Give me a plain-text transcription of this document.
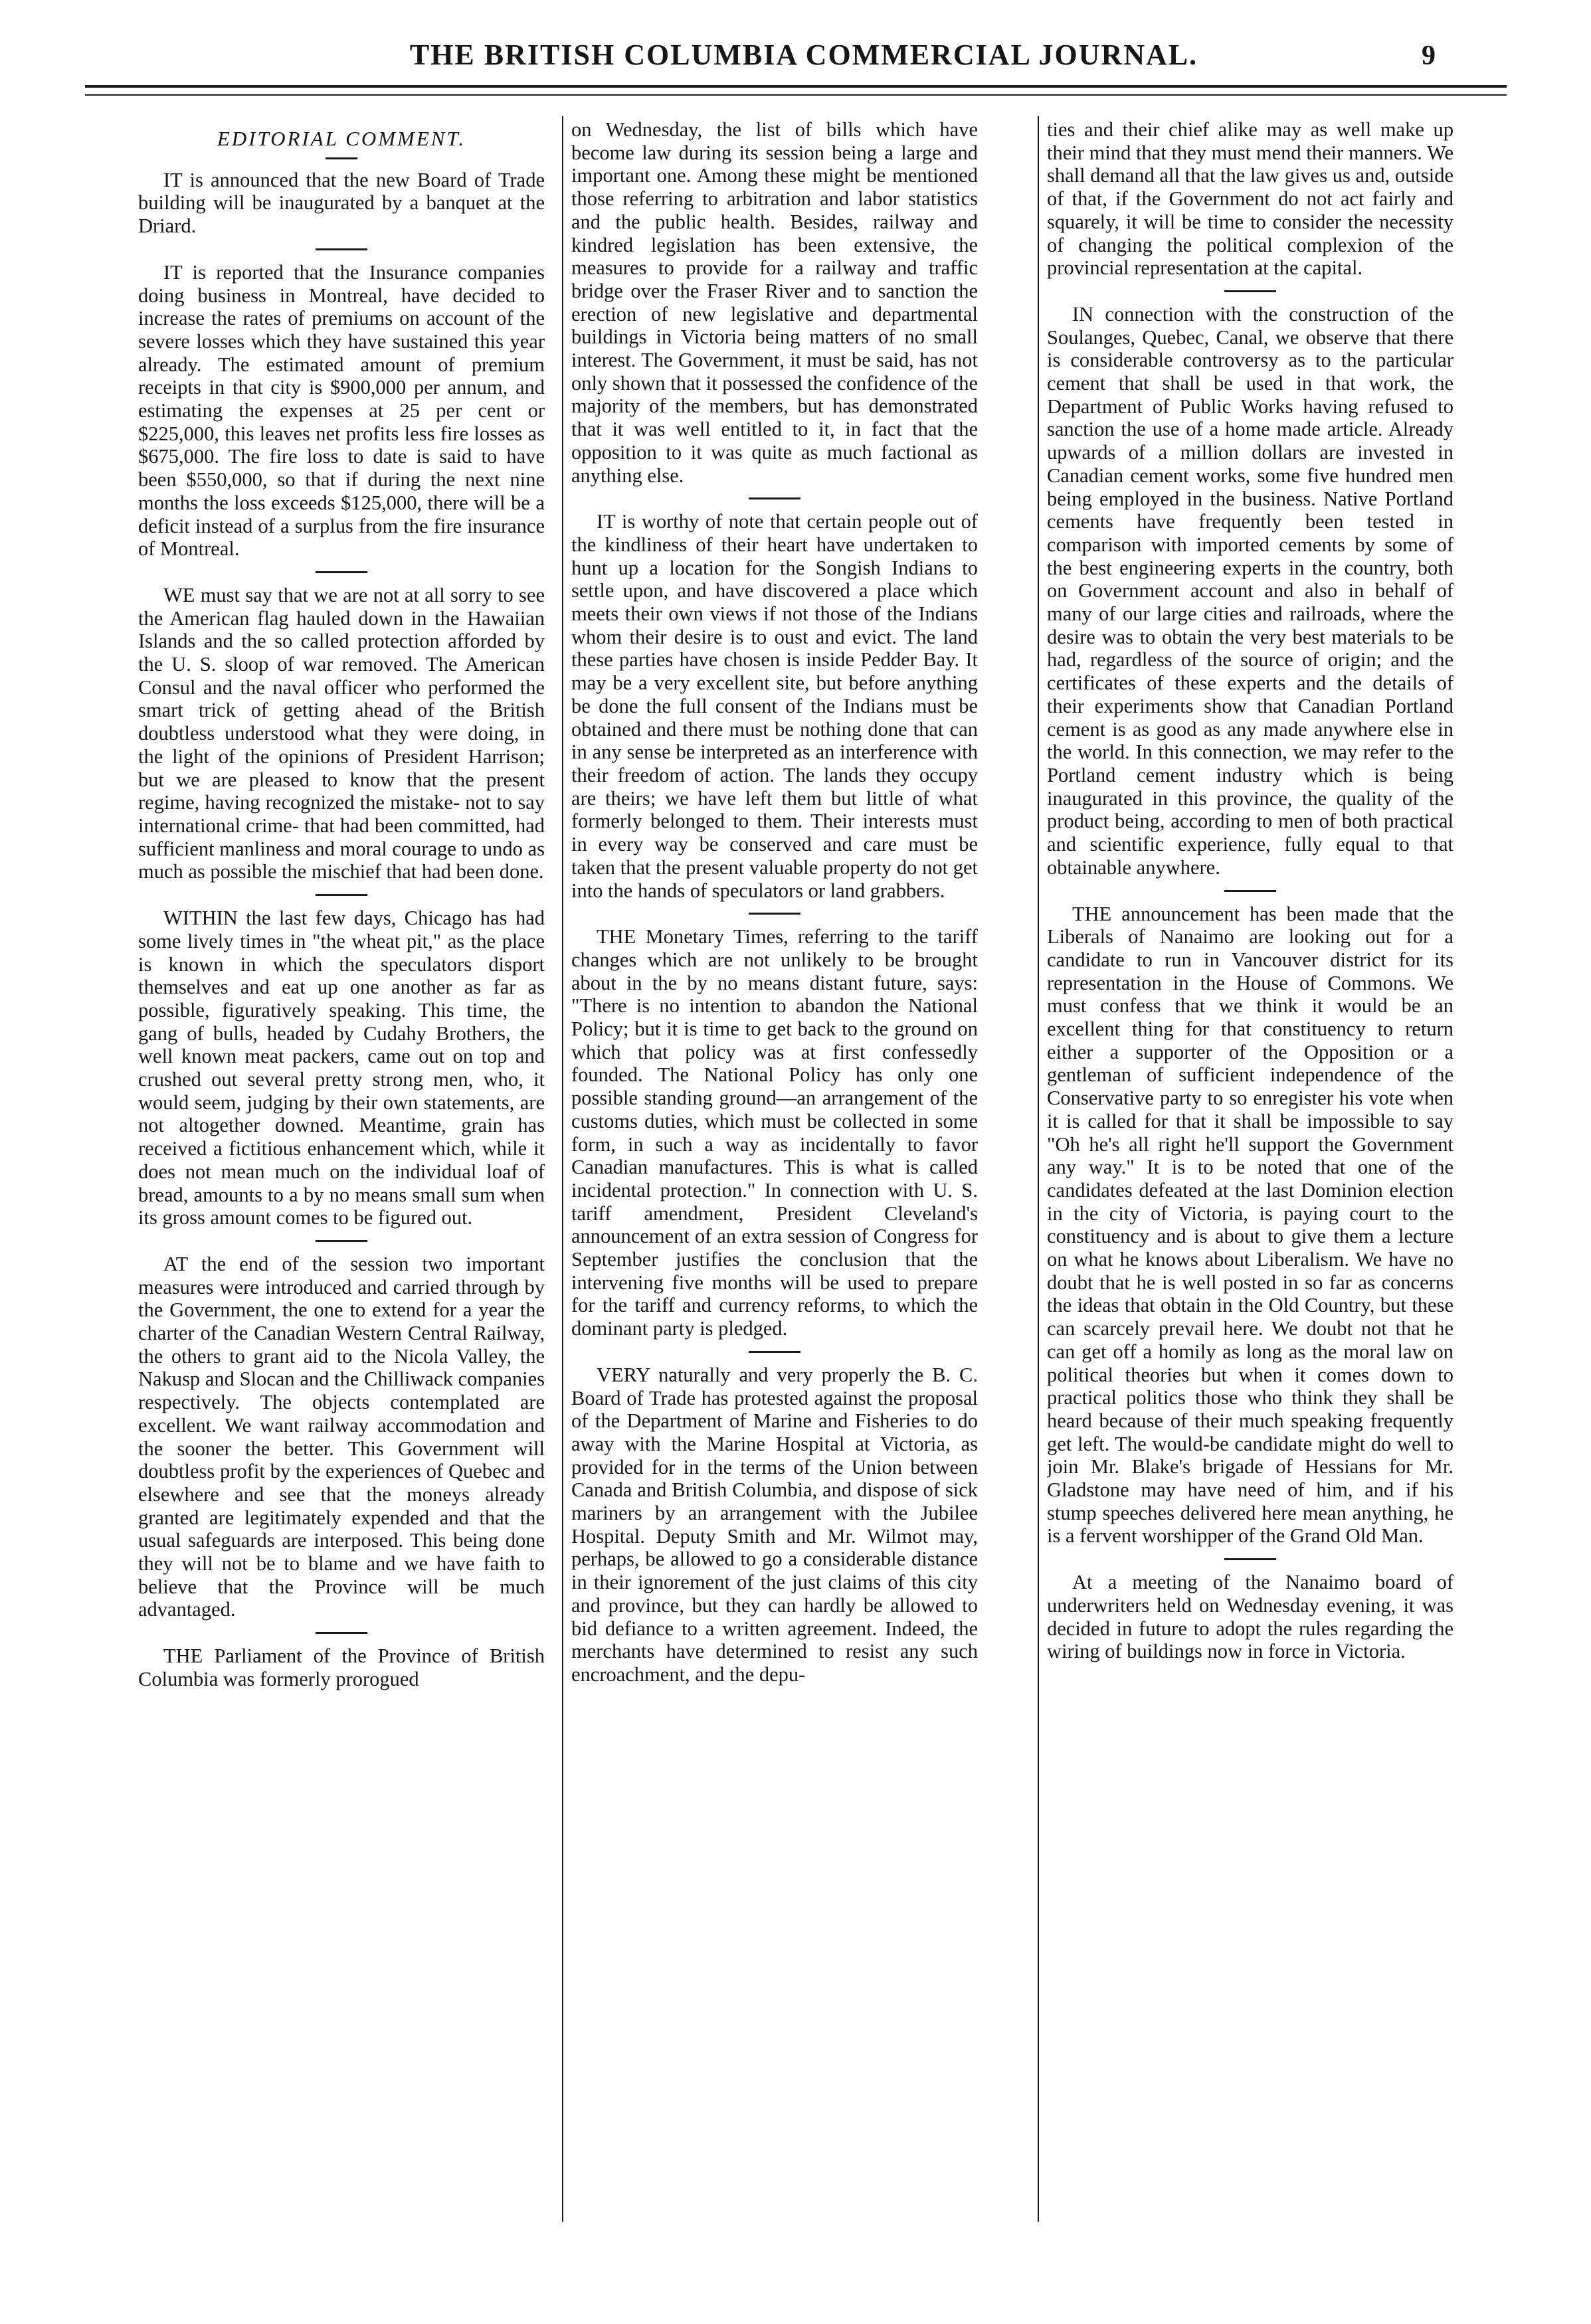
THE BRITISH COLUMBIA COMMERCIAL JOURNAL.	9
EDITORIAL COMMENT.

IT is announced that the new Board of Trade building will be inaugurated by a banquet at the Driard.

IT is reported that the Insurance companies doing business in Montreal, have decided to increase the rates of premiums on account of the severe losses which they have sustained this year already. The estimated amount of premium receipts in that city is $900,000 per annum, and estimating the expenses at 25 per cent or $225,000, this leaves net profits less fire losses as $675,000. The fire loss to date is said to have been $550,000, so that if during the next nine months the loss exceeds $125,000, there will be a deficit instead of a surplus from the fire insurance of Montreal.

WE must say that we are not at all sorry to see the American flag hauled down in the Hawaiian Islands and the so called protection afforded by the U. S. sloop of war removed. The American Consul and the naval officer who performed the smart trick of getting ahead of the British doubtless understood what they were doing, in the light of the opinions of President Harrison; but we are pleased to know that the present regime, having recognized the mistake- not to say international crime- that had been committed, had sufficient manliness and moral courage to undo as much as possible the mischief that had been done.

WITHIN the last few days, Chicago has had some lively times in "the wheat pit," as the place is known in which the speculators disport themselves and eat up one another as far as possible, figuratively speaking. This time, the gang of bulls, headed by Cudahy Brothers, the well known meat packers, came out on top and crushed out several pretty strong men, who, it would seem, judging by their own statements, are not altogether downed. Meantime, grain has received a fictitious enhancement which, while it does not mean much on the individual loaf of bread, amounts to a by no means small sum when its gross amount comes to be figured out.

AT the end of the session two important measures were introduced and carried through by the Government, the one to extend for a year the charter of the Canadian Western Central Railway, the others to grant aid to the Nicola Valley, the Nakusp and Slocan and the Chilliwack companies respectively. The objects contemplated are excellent. We want railway accommodation and the sooner the better. This Government will doubtless profit by the experiences of Quebec and elsewhere and see that the moneys already granted are legitimately expended and that the usual safeguards are interposed. This being done they will not be to blame and we have faith to believe that the Province will be much advantaged.

THE Parliament of the Province of British Columbia was formerly prorogued

on Wednesday, the list of bills which have become law during its session being a large and important one. Among these might be mentioned those referring to arbitration and labor statistics and the public health. Besides, railway and kindred legislation has been extensive, the measures to provide for a railway and traffic bridge over the Fraser River and to sanction the erection of new legislative and departmental buildings in Victoria being matters of no small interest. The Government, it must be said, has not only shown that it possessed the confidence of the majority of the members, but has demonstrated that it was well entitled to it, in fact that the opposition to it was quite as much factional as anything else.

IT is worthy of note that certain people out of the kindliness of their heart have undertaken to hunt up a location for the Songish Indians to settle upon, and have discovered a place which meets their own views if not those of the Indians whom their desire is to oust and evict. The land these parties have chosen is inside Pedder Bay. It may be a very excellent site, but before anything be done the full consent of the Indians must be obtained and there must be nothing done that can in any sense be interpreted as an interference with their freedom of action. The lands they occupy are theirs; we have left them but little of what formerly belonged to them. Their interests must in every way be conserved and care must be taken that the present valuable property do not get into the hands of speculators or land grabbers.

THE Monetary Times, referring to the tariff changes which are not unlikely to be brought about in the by no means distant future, says: "There is no intention to abandon the National Policy; but it is time to get back to the ground on which that policy was at first confessedly founded. The National Policy has only one possible standing ground—an arrangement of the customs duties, which must be collected in some form, in such a way as incidentally to favor Canadian manufactures. This is what is called incidental protection." In connection with U. S. tariff amendment, President Cleveland's announcement of an extra session of Congress for September justifies the conclusion that the intervening five months will be used to prepare for the tariff and currency reforms, to which the dominant party is pledged.

VERY naturally and very properly the B. C. Board of Trade has protested against the proposal of the Department of Marine and Fisheries to do away with the Marine Hospital at Victoria, as provided for in the terms of the Union between Canada and British Columbia, and dispose of sick mariners by an arrangement with the Jubilee Hospital. Deputy Smith and Mr. Wilmot may, perhaps, be allowed to go a considerable distance in their ignorement of the just claims of this city and province, but they can hardly be allowed to bid defiance to a written agreement. Indeed, the merchants have determined to resist any such encroachment, and the depu-

ties and their chief alike may as well make up their mind that they must mend their manners. We shall demand all that the law gives us and, outside of that, if the Government do not act fairly and squarely, it will be time to consider the necessity of changing the political complexion of the provincial representation at the capital.

IN connection with the construction of the Soulanges, Quebec, Canal, we observe that there is considerable controversy as to the particular cement that shall be used in that work, the Department of Public Works having refused to sanction the use of a home made article. Already upwards of a million dollars are invested in Canadian cement works, some five hundred men being employed in the business. Native Portland cements have frequently been tested in comparison with imported cements by some of the best engineering experts in the country, both on Government account and also in behalf of many of our large cities and railroads, where the desire was to obtain the very best materials to be had, regardless of the source of origin; and the certificates of these experts and the details of their experiments show that Canadian Portland cement is as good as any made anywhere else in the world. In this connection, we may refer to the Portland cement industry which is being inaugurated in this province, the quality of the product being, according to men of both practical and scientific experience, fully equal to that obtainable anywhere.

THE announcement has been made that the Liberals of Nanaimo are looking out for a candidate to run in Vancouver district for its representation in the House of Commons. We must confess that we think it would be an excellent thing for that constituency to return either a supporter of the Opposition or a gentleman of sufficient independence of the Conservative party to so enregister his vote when it is called for that it shall be impossible to say "Oh he's all right he'll support the Government any way." It is to be noted that one of the candidates defeated at the last Dominion election in the city of Victoria, is paying court to the constituency and is about to give them a lecture on what he knows about Liberalism. We have no doubt that he is well posted in so far as concerns the ideas that obtain in the Old Country, but these can scarcely prevail here. We doubt not that he can get off a homily as long as the moral law on political theories but when it comes down to practical politics those who think they shall be heard because of their much speaking frequently get left. The would-be candidate might do well to join Mr. Blake's brigade of Hessians for Mr. Gladstone may have need of him, and if his stump speeches delivered here mean anything, he is a fervent worshipper of the Grand Old Man.

At a meeting of the Nanaimo board of underwriters held on Wednesday evening, it was decided in future to adopt the rules regarding the wiring of buildings now in force in Victoria.
